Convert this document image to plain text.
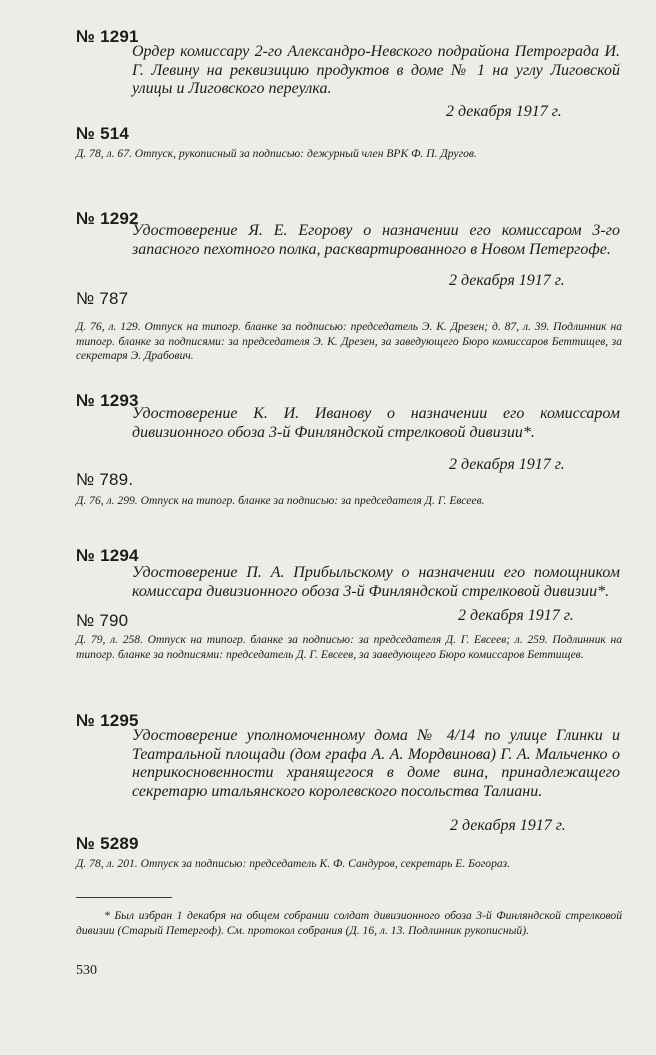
№ 1291

Ордер комиссару 2-го Александро-Невского подрайона Петрограда И. Г. Левину на реквизицию продуктов в доме № 1 на углу Лиговской улицы и Лиговского переулка.

2 декабря 1917 г.
№ 514

Д. 78, л. 67. Отпуск, рукописный за подписью: дежурный член ВРК Ф. П. Другов.

№ 1292

Удостоверение Я. Е. Егорову о назначении его комиссаром 3-го запасного пехотного полка, расквартированного в Новом Петергофе.

2 декабря 1917 г.
№ 787

Д. 76, л. 129. Отпуск на типогр. бланке за подписью: председатель Э. К. Дрезен; д. 87, л. 39. Подлинник на типогр. бланке за подписями: за председателя Э. К. Дрезен, за заведующего Бюро комиссаров Беттищев, за секретаря Э. Драбович.

№ 1293

Удостоверение К. И. Иванову о назначении его комиссаром дивизионного обоза 3-й Финляндской стрелковой дивизии*.

2 декабря 1917 г.
№ 789.

Д. 76, л. 299. Отпуск на типогр. бланке за подписью: за председателя Д. Г. Евсеев.

№ 1294

Удостоверение П. А. Прибыльскому о назначении его помощником комиссара дивизионного обоза 3-й Финляндской стрелковой дивизии*.

2 декабря 1917 г.
№ 790

Д. 79, л. 258. Отпуск на типогр. бланке за подписью: за председателя Д. Г. Евсеев; л. 259. Подлинник на типогр. бланке за подписями: председатель Д. Г. Евсеев, за заведующего Бюро комиссаров Беттищев.

№ 1295

Удостоверение уполномоченному дома № 4/14 по улице Глинки и Театральной площади (дом графа А. А. Мордвинова) Г. А. Мальченко о неприкосновенности хранящегося в доме вина, принадлежащего секретарю итальянского королевского посольства Талиани.

2 декабря 1917 г.
№ 5289

Д. 78, л. 201. Отпуск за подписью: председатель К. Ф. Сандуров, секретарь Е. Богораз.

* Был избран 1 декабря на общем собрании солдат дивизионного обоза 3-й Финляндской стрелковой дивизии (Старый Петергоф). См. протокол собрания (Д. 16, л. 13. Подлинник рукописный).

530
